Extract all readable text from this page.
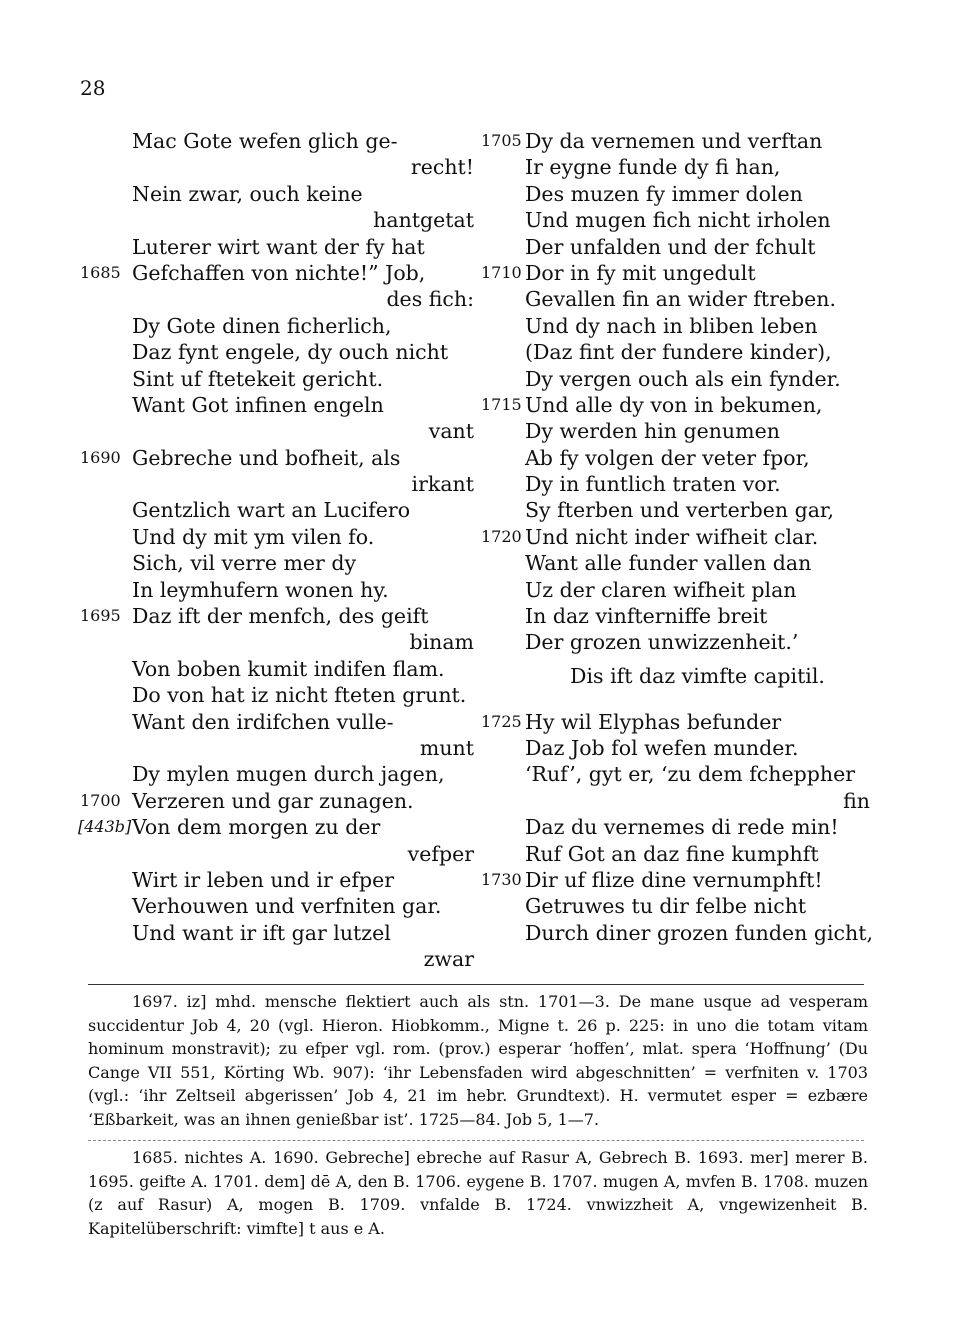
28
Mac Gote wefen glich ge-
recht!
Nein zwar, ouch keine
hantgetat
Luterer wirt want der fy hat
1685 Gefchaffen von nichte!” Job,
des fich:
Dy Gote dinen ficherlich,
Daz fynt engele, dy ouch nicht
Sint uf ftetekeit gericht.
Want Got infinen engeln
vant
1690 Gebreche und bofheit, als
irkant
Gentzlich wart an Lucifero
Und dy mit ym vilen fo.
Sich, vil verre mer dy
In leymhufern wonen hy.
1695 Daz ift der menfch, des geift
binam
Von boben kumit indifen flam.
Do von hat iz nicht fteten grunt.
Want den irdifchen vulle-
munt
Dy mylen mugen durch jagen,
1700 Verzeren und gar zunagen.
[443b] Von dem morgen zu der
vefper
Wirt ir leben und ir efper
Verhouwen und verfniten gar.
Und want ir ift gar lutzel
zwar
1705 Dy da vernemen und verftan
Ir eygne funde dy fi han,
Des muzen fy immer dolen
Und mugen fich nicht irholen
Der unfalden und der fchult
1710 Dor in fy mit ungedult
Gevallen fin an wider ftreben.
Und dy nach in bliben leben
(Daz fint der fundere kinder),
Dy vergen ouch als ein fynder.
1715 Und alle dy von in bekumen,
Dy werden hin genumen
Ab fy volgen der veter fpor,
Dy in funtlich traten vor.
Sy fterben und verterben gar,
1720 Und nicht inder wifheit clar.
Want alle funder vallen dan
Uz der claren wifheit plan
In daz vinfterniffe breit
Der grozen unwizzenheit.’
Dis ift daz vimfte capitil.
1725 Hy wil Elyphas befunder
Daz Job fol wefen munder.
‘Ruf’, gyt er, ‘zu dem fcheppher
fin
Daz du vernemes di rede min!
Ruf Got an daz fine kumphft
1730 Dir uf flize dine vernumphft!
Getruwes tu dir felbe nicht
Durch diner grozen funden gicht,

1697. iz] mhd. mensche flektiert auch als stn. 1701—3. De mane usque ad vesperam succidentur Job 4, 20 (vgl. Hieron. Hiobkomm., Migne t. 26 p. 225: in uno die totam vitam hominum monstravit); zu efper vgl. rom. (prov.) esperar ‘hoffen’, mlat. spera ‘Hoffnung’ (Du Cange VII 551, Körting Wb. 907): ‘ihr Lebensfaden wird abgeschnitten’ = verfniten v. 1703 (vgl.: ‘ihr Zeltseil abgerissen’ Job 4, 21 im hebr. Grundtext). H. vermutet esper = ezbære ‘Eßbarkeit, was an ihnen genießbar ist’. 1725—84. Job 5, 1—7.

1685. nichtes A. 1690. Gebreche] ebreche auf Rasur A, Gebrech B. 1693. mer] merer B. 1695. geifte A. 1701. dem] dē A, den B. 1706. eygene B. 1707. mugen A, mvfen B. 1708. muzen (z auf Rasur) A, mogen B. 1709. vnfalde B. 1724. vnwizzheit A, vngewizenheit B. Kapitelüberschrift: vimfte] t aus e A.
